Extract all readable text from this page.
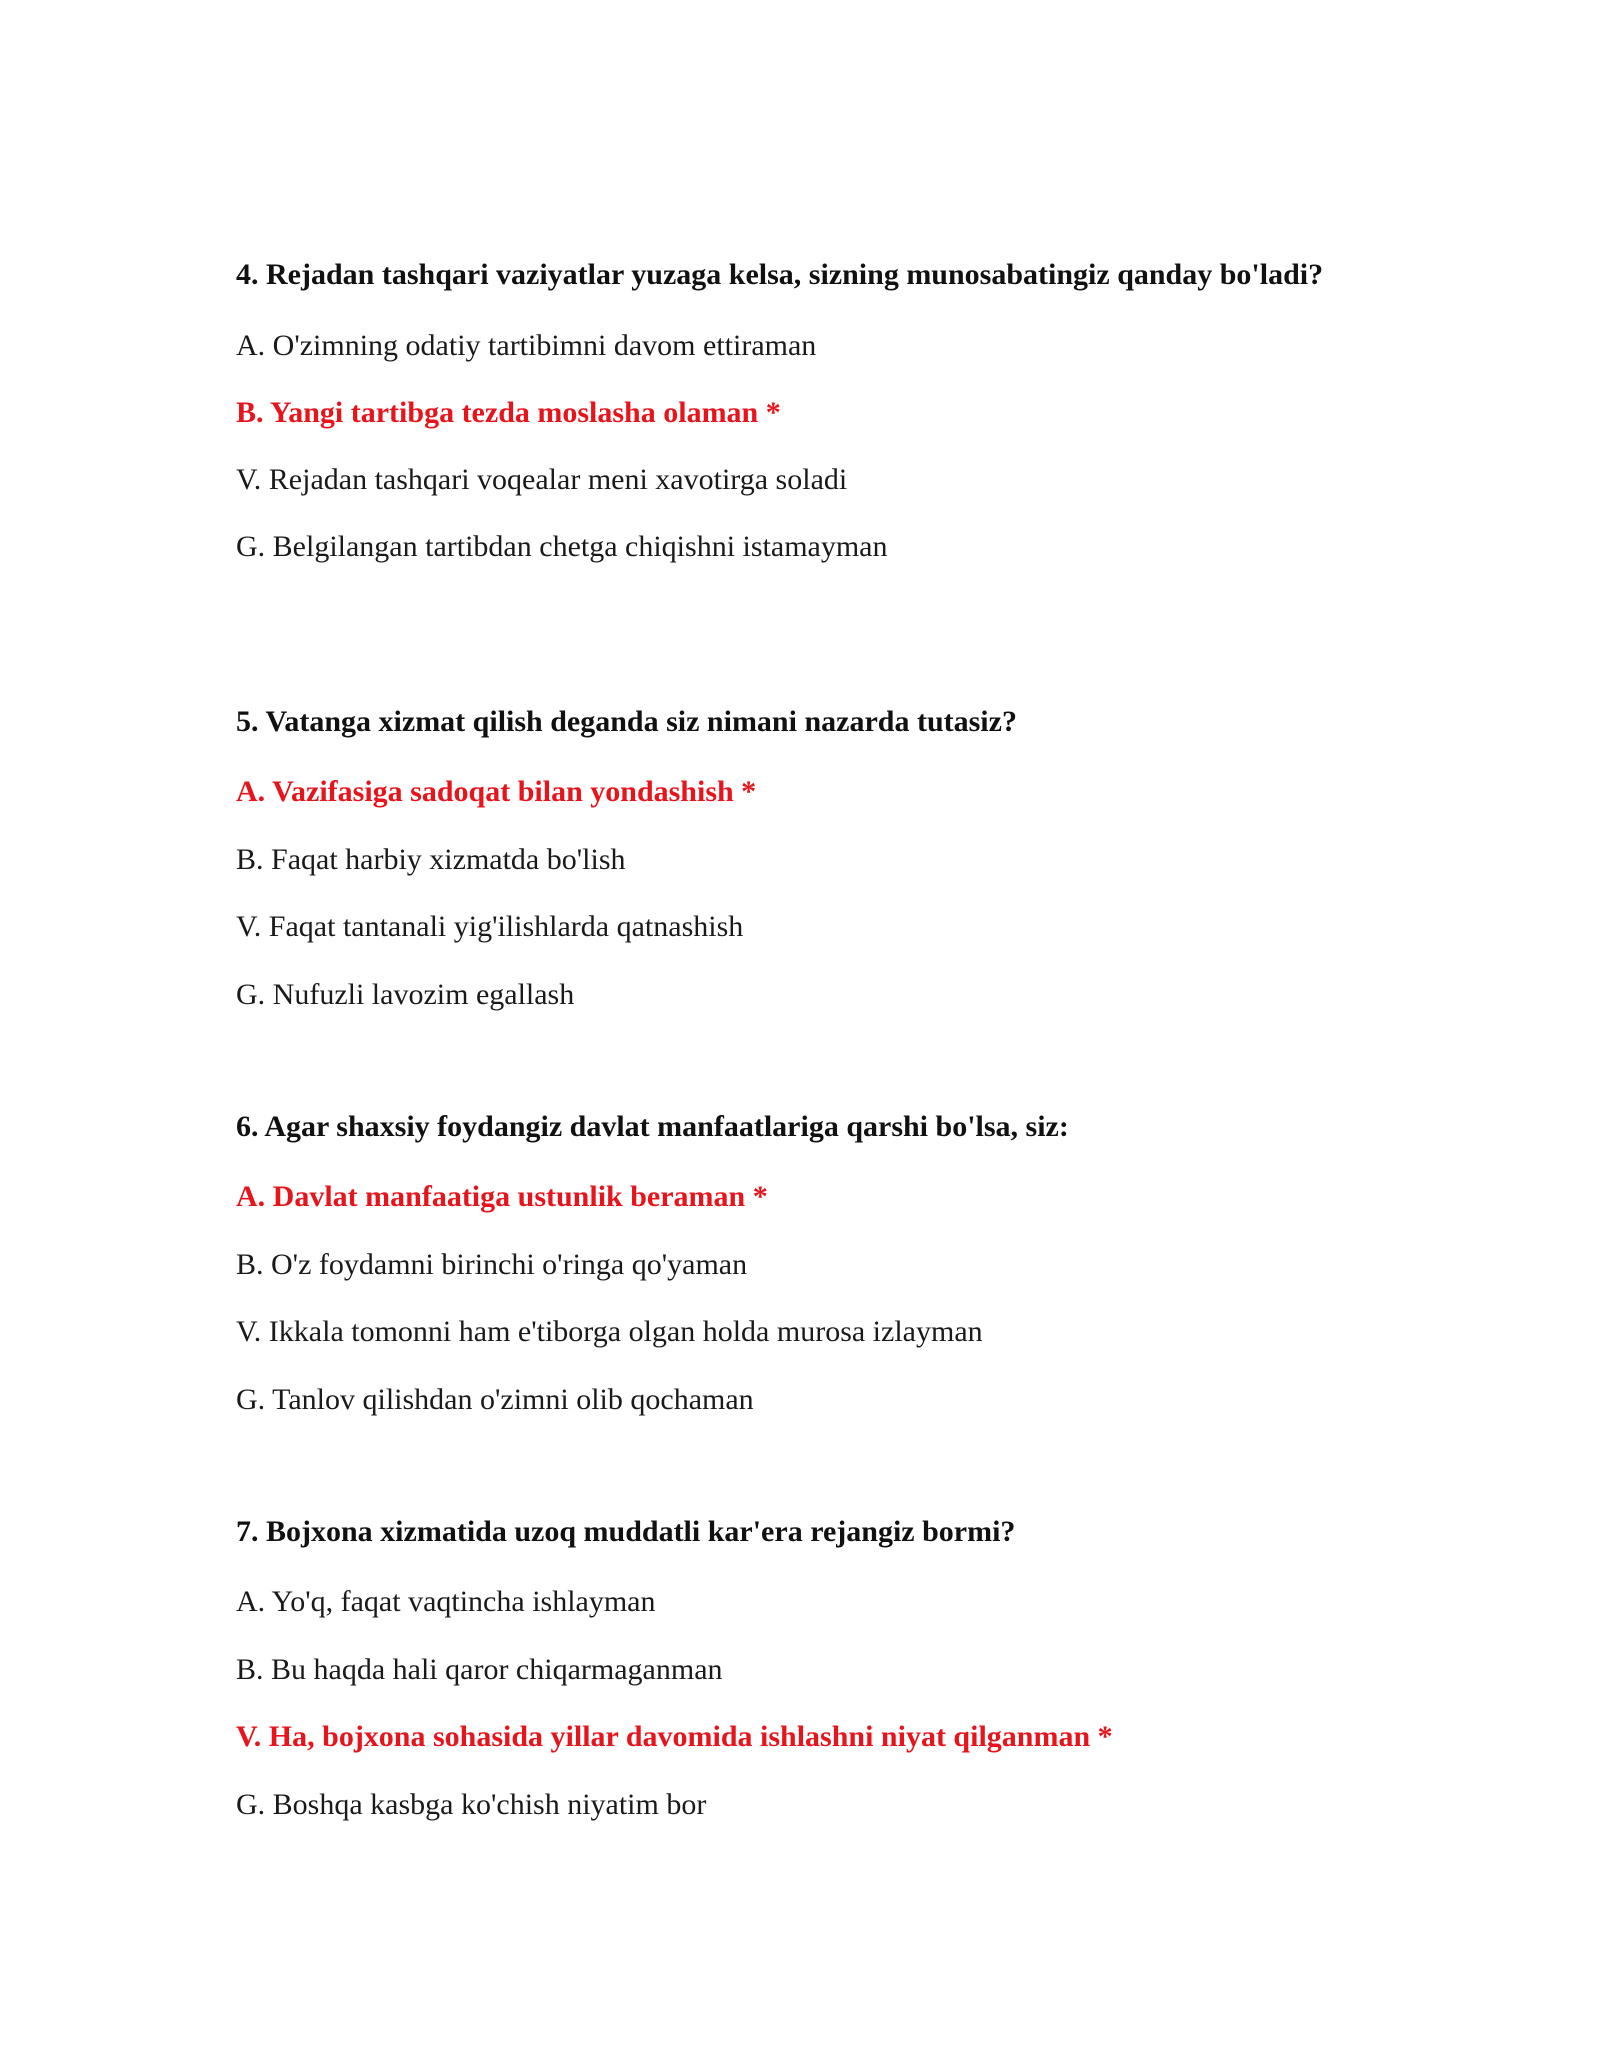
4. Rejadan tashqari vaziyatlar yuzaga kelsa, sizning munosabatingiz qanday bo'ladi?

A. O'zimning odatiy tartibimni davom ettiraman

B. Yangi tartibga tezda moslasha olaman *

V. Rejadan tashqari voqealar meni xavotirga soladi

G. Belgilangan tartibdan chetga chiqishni istamayman

5. Vatanga xizmat qilish deganda siz nimani nazarda tutasiz?

A. Vazifasiga sadoqat bilan yondashish *

B. Faqat harbiy xizmatda bo'lish

V. Faqat tantanali yig'ilishlarda qatnashish

G. Nufuzli lavozim egallash

6. Agar shaxsiy foydangiz davlat manfaatlariga qarshi bo'lsa, siz:

A. Davlat manfaatiga ustunlik beraman *

B. O'z foydamni birinchi o'ringa qo'yaman

V. Ikkala tomonni ham e'tiborga olgan holda murosa izlayman

G. Tanlov qilishdan o'zimni olib qochaman

7. Bojxona xizmatida uzoq muddatli kar'era rejangiz bormi?

A. Yo'q, faqat vaqtincha ishlayman

B. Bu haqda hali qaror chiqarmaganman

V. Ha, bojxona sohasida yillar davomida ishlashni niyat qilganman *

G. Boshqa kasbga ko'chish niyatim bor
